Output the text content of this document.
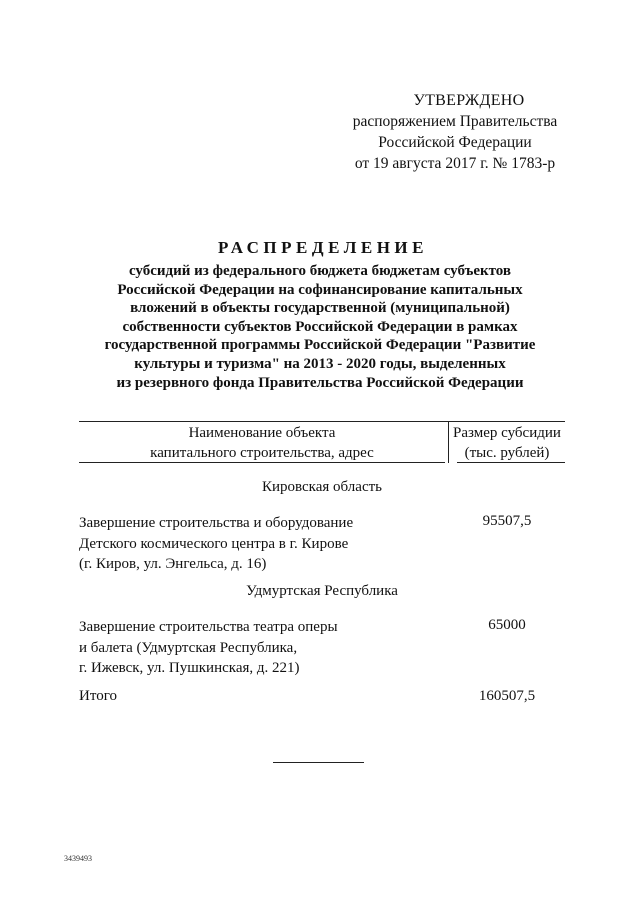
УТВЕРЖДЕНО
распоряжением Правительства
Российской Федерации
от 19 августа 2017 г. № 1783-р
РАСПРЕДЕЛЕНИЕ
субсидий из федерального бюджета бюджетам субъектов
Российской Федерации на софинансирование капитальных
вложений в объекты государственной (муниципальной)
собственности субъектов Российской Федерации в рамках
государственной программы Российской Федерации "Развитие
культуры и туризма" на 2013 - 2020 годы, выделенных
из резервного фонда Правительства Российской Федерации
Наименование объекта
капитального строительства, адрес
Размер субсидии
(тыс. рублей)
Кировская область
Завершение строительства и оборудование
Детского космического центра в г. Кирове
(г. Киров, ул. Энгельса, д. 16)
95507,5
Удмуртская Республика
Завершение строительства театра оперы
и балета (Удмуртская Республика,
г. Ижевск, ул. Пушкинская, д. 221)
65000
Итого	160507,5
3439493
